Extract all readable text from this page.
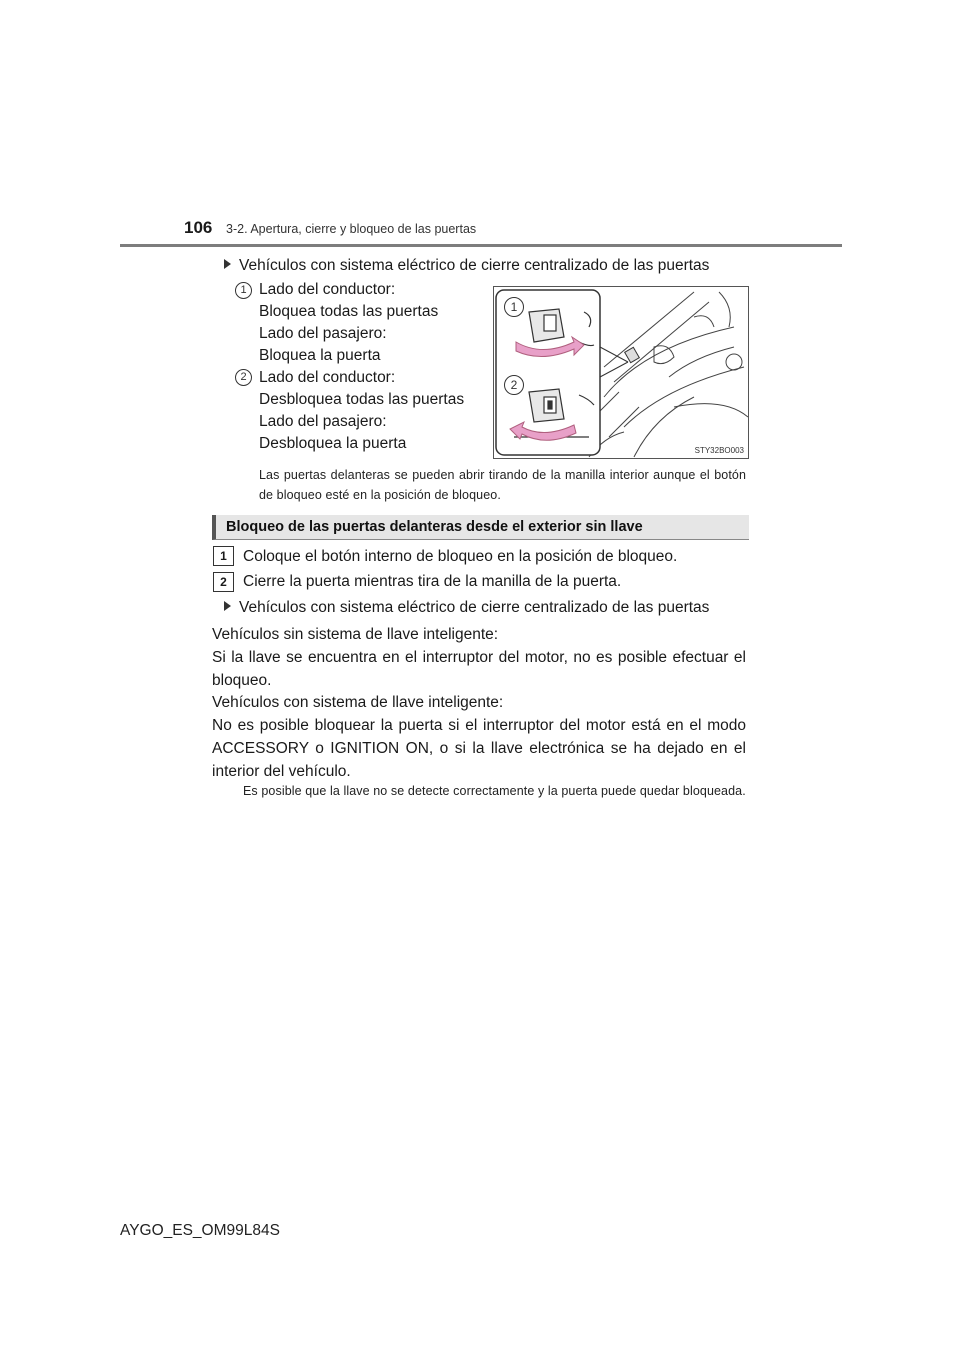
106 3-2. Apertura, cierre y bloqueo de las puertas
Vehículos con sistema eléctrico de cierre centralizado de las puertas
1 Lado del conductor:
Bloquea todas las puertas
Lado del pasajero:
Bloquea la puerta
2 Lado del conductor:
Desbloquea todas las puertas
Lado del pasajero:
Desbloquea la puerta
1
2
STY32BO003
Las puertas delanteras se pueden abrir tirando de la manilla interior aunque el botón de bloqueo esté en la posición de bloqueo.
Bloqueo de las puertas delanteras desde el exterior sin llave
1	Coloque el botón interno de bloqueo en la posición de bloqueo.
2	Cierre la puerta mientras tira de la manilla de la puerta.
Vehículos con sistema eléctrico de cierre centralizado de las puertas
Vehículos sin sistema de llave inteligente:
Si la llave se encuentra en el interruptor del motor, no es posible efectuar el bloqueo.
Vehículos con sistema de llave inteligente:
No es posible bloquear la puerta si el interruptor del motor está en el modo ACCESSORY o IGNITION ON, o si la llave electrónica se ha dejado en el interior del vehículo.
Es posible que la llave no se detecte correctamente y la puerta puede quedar bloqueada.
AYGO_ES_OM99L84S
